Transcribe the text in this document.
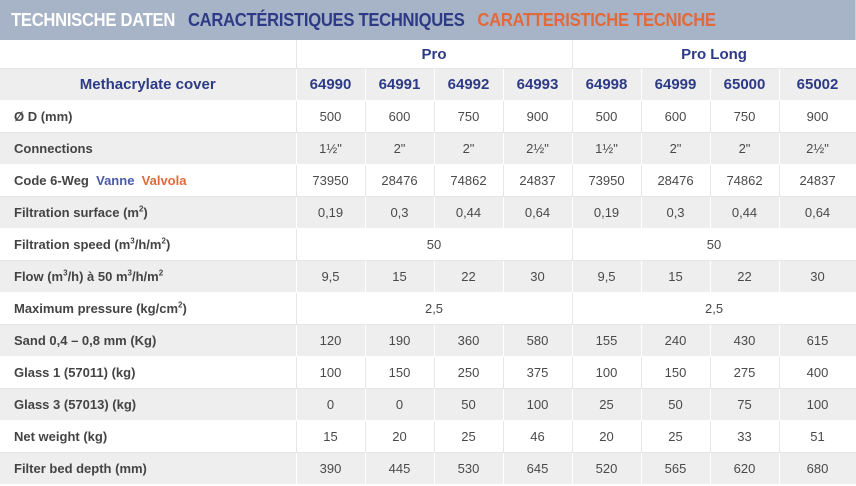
TECHNISCHE DATEN CARACTÉRISTIQUES TECHNIQUES CARATTERISTICHE TECNICHE
	Pro				Pro Long			
Methacrylate cover	64990	64991	64992	64993	64998	64999	65000	65002
Ø D (mm)	500	600	750	900	500	600	750	900
Connections	1½"	2"	2"	2½"	1½"	2"	2"	2½"
Code 6-Weg Vanne Valvola	73950	28476	74862	24837	73950	28476	74862	24837
Filtration surface $(m^2)$	0,19	0,3	0,44	0,64	0,19	0,3	0,44	0,64
Filtration speed $(m^3/h/m^2)$	50				50			
Flow $(m^3/h)$ à 50 $m^3/h/m^2$	9,5	15	22	30	9,5	15	22	30
Maximum pressure $(kg/cm^2)$	2,5				2,5			
Sand 0,4 – 0,8 mm (Kg)	120	190	360	580	155	240	430	615
Glass 1 (57011) (kg)	100	150	250	375	100	150	275	400
Glass 3 (57013) (kg)	0	0	50	100	25	50	75	100
Net weight (kg)	15	20	25	46	20	25	33	51
Filter bed depth (mm)	390	445	530	645	520	565	620	680
